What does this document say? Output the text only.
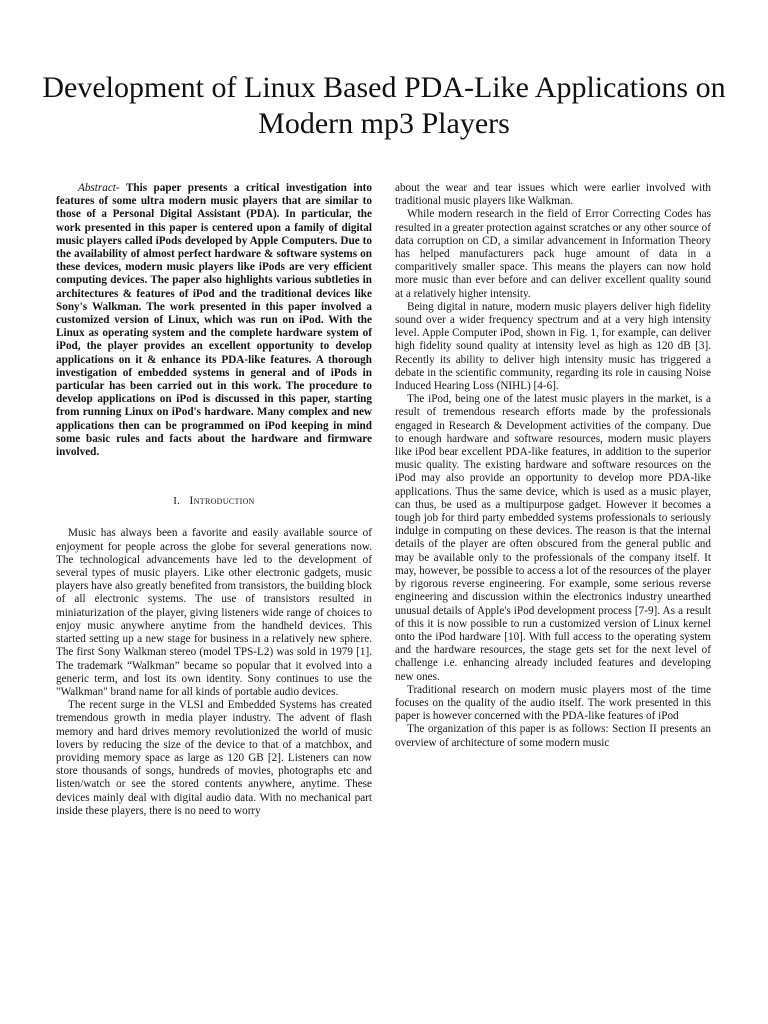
Development of Linux Based PDA-Like Applications on Modern mp3 Players

Abstract- This paper presents a critical investigation into features of some ultra modern music players that are similar to those of a Personal Digital Assistant (PDA). In particular, the work presented in this paper is centered upon a family of digital music players called iPods developed by Apple Computers. Due to the availability of almost perfect hardware & software systems on these devices, modern music players like iPods are very efficient computing devices. The paper also highlights various subtleties in architectures & features of iPod and the traditional devices like Sony's Walkman. The work presented in this paper involved a customized version of Linux, which was run on iPod. With the Linux as operating system and the complete hardware system of iPod, the player provides an excellent opportunity to develop applications on it & enhance its PDA-like features. A thorough investigation of embedded systems in general and of iPods in particular has been carried out in this work. The procedure to develop applications on iPod is discussed in this paper, starting from running Linux on iPod's hardware. Many complex and new applications then can be programmed on iPod keeping in mind some basic rules and facts about the hardware and firmware involved.

I. Introduction

Music has always been a favorite and easily available source of enjoyment for people across the globe for several generations now. The technological advancements have led to the development of several types of music players. Like other electronic gadgets, music players have also greatly benefited from transistors, the building block of all electronic systems. The use of transistors resulted in miniaturization of the player, giving listeners wide range of choices to enjoy music anywhere anytime from the handheld devices. This started setting up a new stage for business in a relatively new sphere. The first Sony Walkman stereo (model TPS-L2) was sold in 1979 [1]. The trademark “Walkman” became so popular that it evolved into a generic term, and lost its own identity. Sony continues to use the "Walkman" brand name for all kinds of portable audio devices.

The recent surge in the VLSI and Embedded Systems has created tremendous growth in media player industry. The advent of flash memory and hard drives memory revolutionized the world of music lovers by reducing the size of the device to that of a matchbox, and providing memory space as large as 120 GB [2]. Listeners can now store thousands of songs, hundreds of movies, photographs etc and listen/watch or see the stored contents anywhere, anytime. These devices mainly deal with digital audio data. With no mechanical part inside these players, there is no need to worry

about the wear and tear issues which were earlier involved with traditional music players like Walkman.

While modern research in the field of Error Correcting Codes has resulted in a greater protection against scratches or any other source of data corruption on CD, a similar advancement in Information Theory has helped manufacturers pack huge amount of data in a comparitively smaller space. This means the players can now hold more music than ever before and can deliver excellent quality sound at a relatively higher intensity.

Being digital in nature, modern music players deliver high fidelity sound over a wider frequency spectrum and at a very high intensity level. Apple Computer iPod, shown in Fig. 1, for example, can deliver high fidelity sound quality at intensity level as high as 120 dB [3]. Recently its ability to deliver high intensity music has triggered a debate in the scientific community, regarding its role in causing Noise Induced Hearing Loss (NIHL) [4-6].

The iPod, being one of the latest music players in the market, is a result of tremendous research efforts made by the professionals engaged in Research & Development activities of the company. Due to enough hardware and software resources, modern music players like iPod bear excellent PDA-like features, in addition to the superior music quality. The existing hardware and software resources on the iPod may also provide an opportunity to develop more PDA-like applications. Thus the same device, which is used as a music player, can thus, be used as a multipurpose gadget. However it becomes a tough job for third party embedded systems professionals to seriously indulge in computing on these devices. The reason is that the internal details of the player are often obscured from the general public and may be available only to the professionals of the company itself. It may, however, be possible to access a lot of the resources of the player by rigorous reverse engineering. For example, some serious reverse engineering and discussion within the electronics industry unearthed unusual details of Apple's iPod development process [7-9]. As a result of this it is now possible to run a customized version of Linux kernel onto the iPod hardware [10]. With full access to the operating system and the hardware resources, the stage gets set for the next level of challenge i.e. enhancing already included features and developing new ones.

Traditional research on modern music players most of the time focuses on the quality of the audio itself. The work presented in this paper is however concerned with the PDA-like features of iPod

The organization of this paper is as follows: Section II presents an overview of architecture of some modern music
